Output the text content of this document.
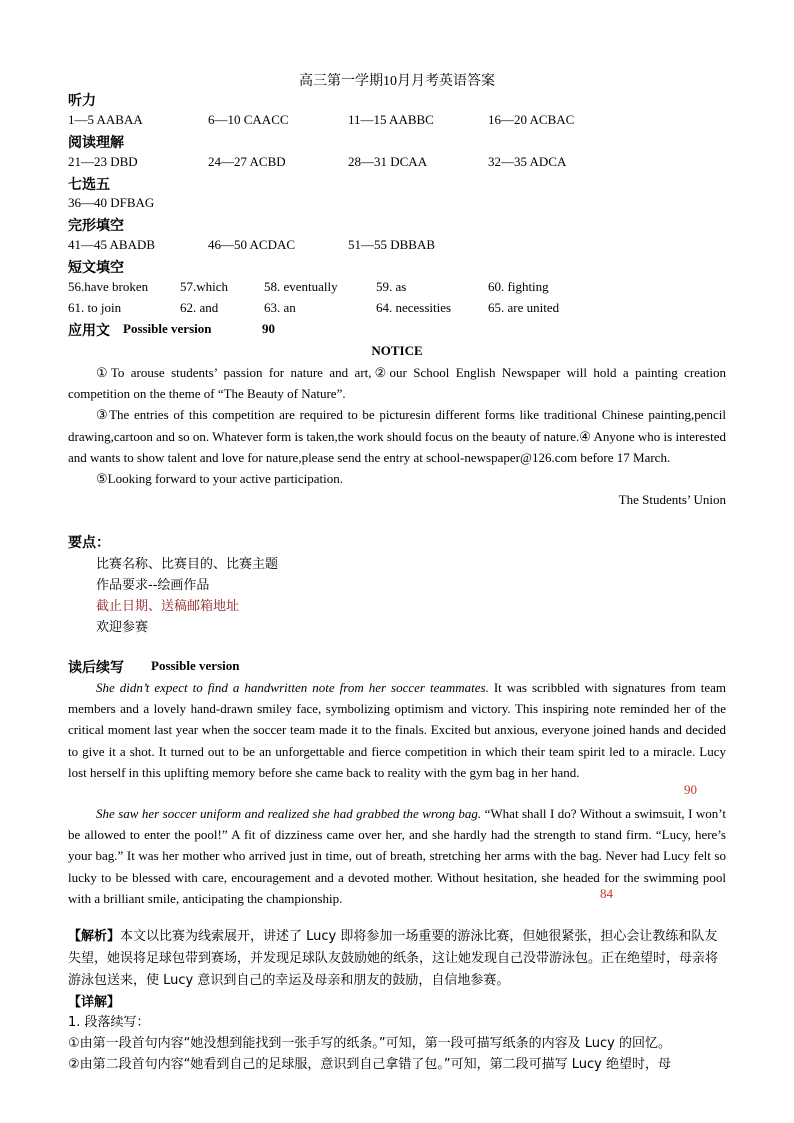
高三第一学期10月月考英语答案
听力
1—5 AABAA	6—10 CAACC	11—15 AABBC	16—20 ACBAC
阅读理解
21—23 DBD	24—27 ACBD	28—31 DCAA	32—35 ADCA
七选五
36—40 DFBAG
完形填空
41—45 ABADB	46—50 ACDAC	51—55 DBBAB
短文填空
56.have broken 57.which	58. eventually	59. as	60. fighting
61. to join	62. and	63. an	64. necessities	65. are united
应用文 Possible version	90
NOTICE

①To arouse students’ passion for nature and art,②our School English Newspaper will hold a painting creation competition on the theme of “The Beauty of Nature”.

③The entries of this competition are required to be picturesin different forms like traditional Chinese painting,pencil drawing,cartoon and so on. Whatever form is taken,the work should focus on the beauty of nature.④ Anyone who is interested and wants to show talent and love for nature,please send the entry at school-newspaper@126.com before 17 March.

⑤Looking forward to your active participation.

The Students’ Union

要点：
比赛名称、比赛目的、比赛主题
作品要求--绘画作品
截止日期、送稿邮箱地址
欢迎参赛
读后续写 Possible version

She didn’t expect to find a handwritten note from her soccer teammates. It was scribbled with signatures from team members and a lovely hand-drawn smiley face, symbolizing optimism and victory. This inspiring note reminded her of the critical moment last year when the soccer team made it to the finals. Excited but anxious, everyone joined hands and decided to give it a shot. It turned out to be an unforgettable and fierce competition in which their team spirit led to a miracle. Lucy lost herself in this uplifting memory before she came back to reality with the gym bag in her hand.

90

She saw her soccer uniform and realized she had grabbed the wrong bag. “What shall I do? Without a swimsuit, I won’t be allowed to enter the pool!” A fit of dizziness came over her, and she hardly had the strength to stand firm. “Lucy, here’s your bag.” It was her mother who arrived just in time, out of breath, stretching her arms with the bag. Never had Lucy felt so lucky to be blessed with care, encouragement and a devoted mother. Without hesitation, she headed for the swimming pool with a brilliant smile, anticipating the championship.	84

【解析】本文以比赛为线索展开，讲述了 Lucy 即将参加一场重要的游泳比赛，但她很紧张，担心会让教练和队友失望，她误将足球包带到赛场，并发现足球队友鼓励她的纸条，这让她发现自己没带游泳包。正在绝望时，母亲将游泳包送来，使 Lucy 意识到自己的幸运及母亲和朋友的鼓励，自信地参赛。

【详解】

1. 段落续写：

①由第一段首句内容“她没想到能找到一张手写的纸条。”可知，第一段可描写纸条的内容及 Lucy 的回忆。

②由第二段首句内容“她看到自己的足球服，意识到自己拿错了包。”可知，第二段可描写 Lucy 绝望时，母
